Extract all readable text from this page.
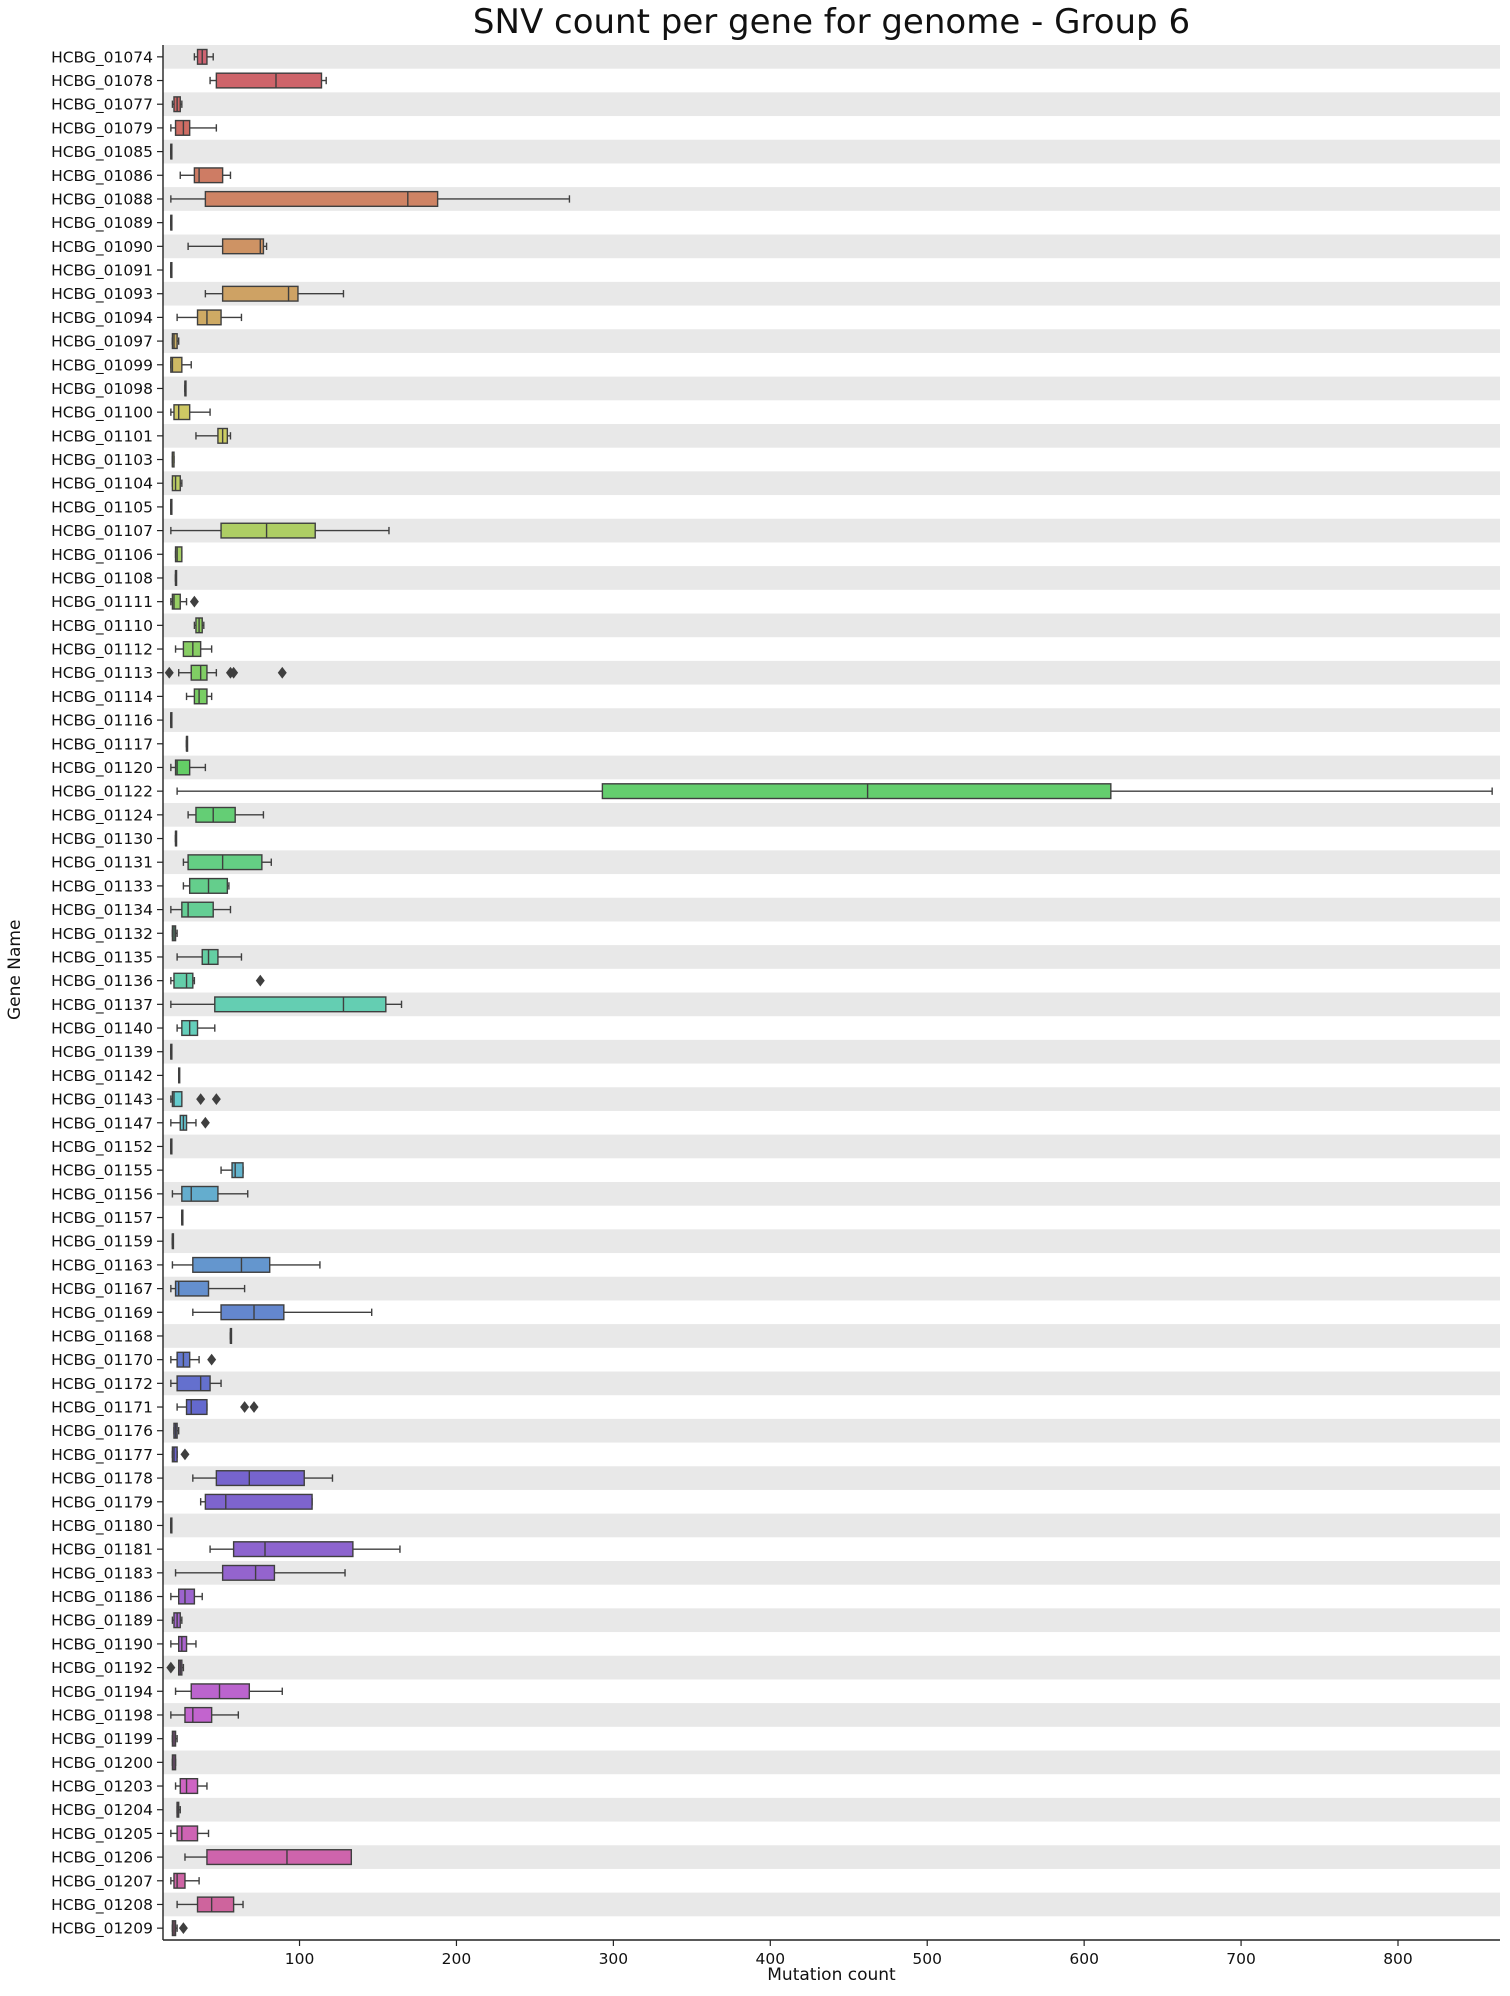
SNV count per gene for genome - Group 6
Gene Name
Mutation count
HCBG_01074
HCBG_01078
HCBG_01077
HCBG_01079
HCBG_01085
HCBG_01086
HCBG_01088
HCBG_01089
HCBG_01090
HCBG_01091
HCBG_01093
HCBG_01094
HCBG_01097
HCBG_01099
HCBG_01098
HCBG_01100
HCBG_01101
HCBG_01103
HCBG_01104
HCBG_01105
HCBG_01107
HCBG_01106
HCBG_01108
HCBG_01111
HCBG_01110
HCBG_01112
HCBG_01113
HCBG_01114
HCBG_01116
HCBG_01117
HCBG_01120
HCBG_01122
HCBG_01124
HCBG_01130
HCBG_01131
HCBG_01133
HCBG_01134
HCBG_01132
HCBG_01135
HCBG_01136
HCBG_01137
HCBG_01140
HCBG_01139
HCBG_01142
HCBG_01143
HCBG_01147
HCBG_01152
HCBG_01155
HCBG_01156
HCBG_01157
HCBG_01159
HCBG_01163
HCBG_01167
HCBG_01169
HCBG_01168
HCBG_01170
HCBG_01172
HCBG_01171
HCBG_01176
HCBG_01177
HCBG_01178
HCBG_01179
HCBG_01180
HCBG_01181
HCBG_01183
HCBG_01186
HCBG_01189
HCBG_01190
HCBG_01192
HCBG_01194
HCBG_01198
HCBG_01199
HCBG_01200
HCBG_01203
HCBG_01204
HCBG_01205
HCBG_01206
HCBG_01207
HCBG_01208
HCBG_01209
100	200	300	400	500	600	700	800
